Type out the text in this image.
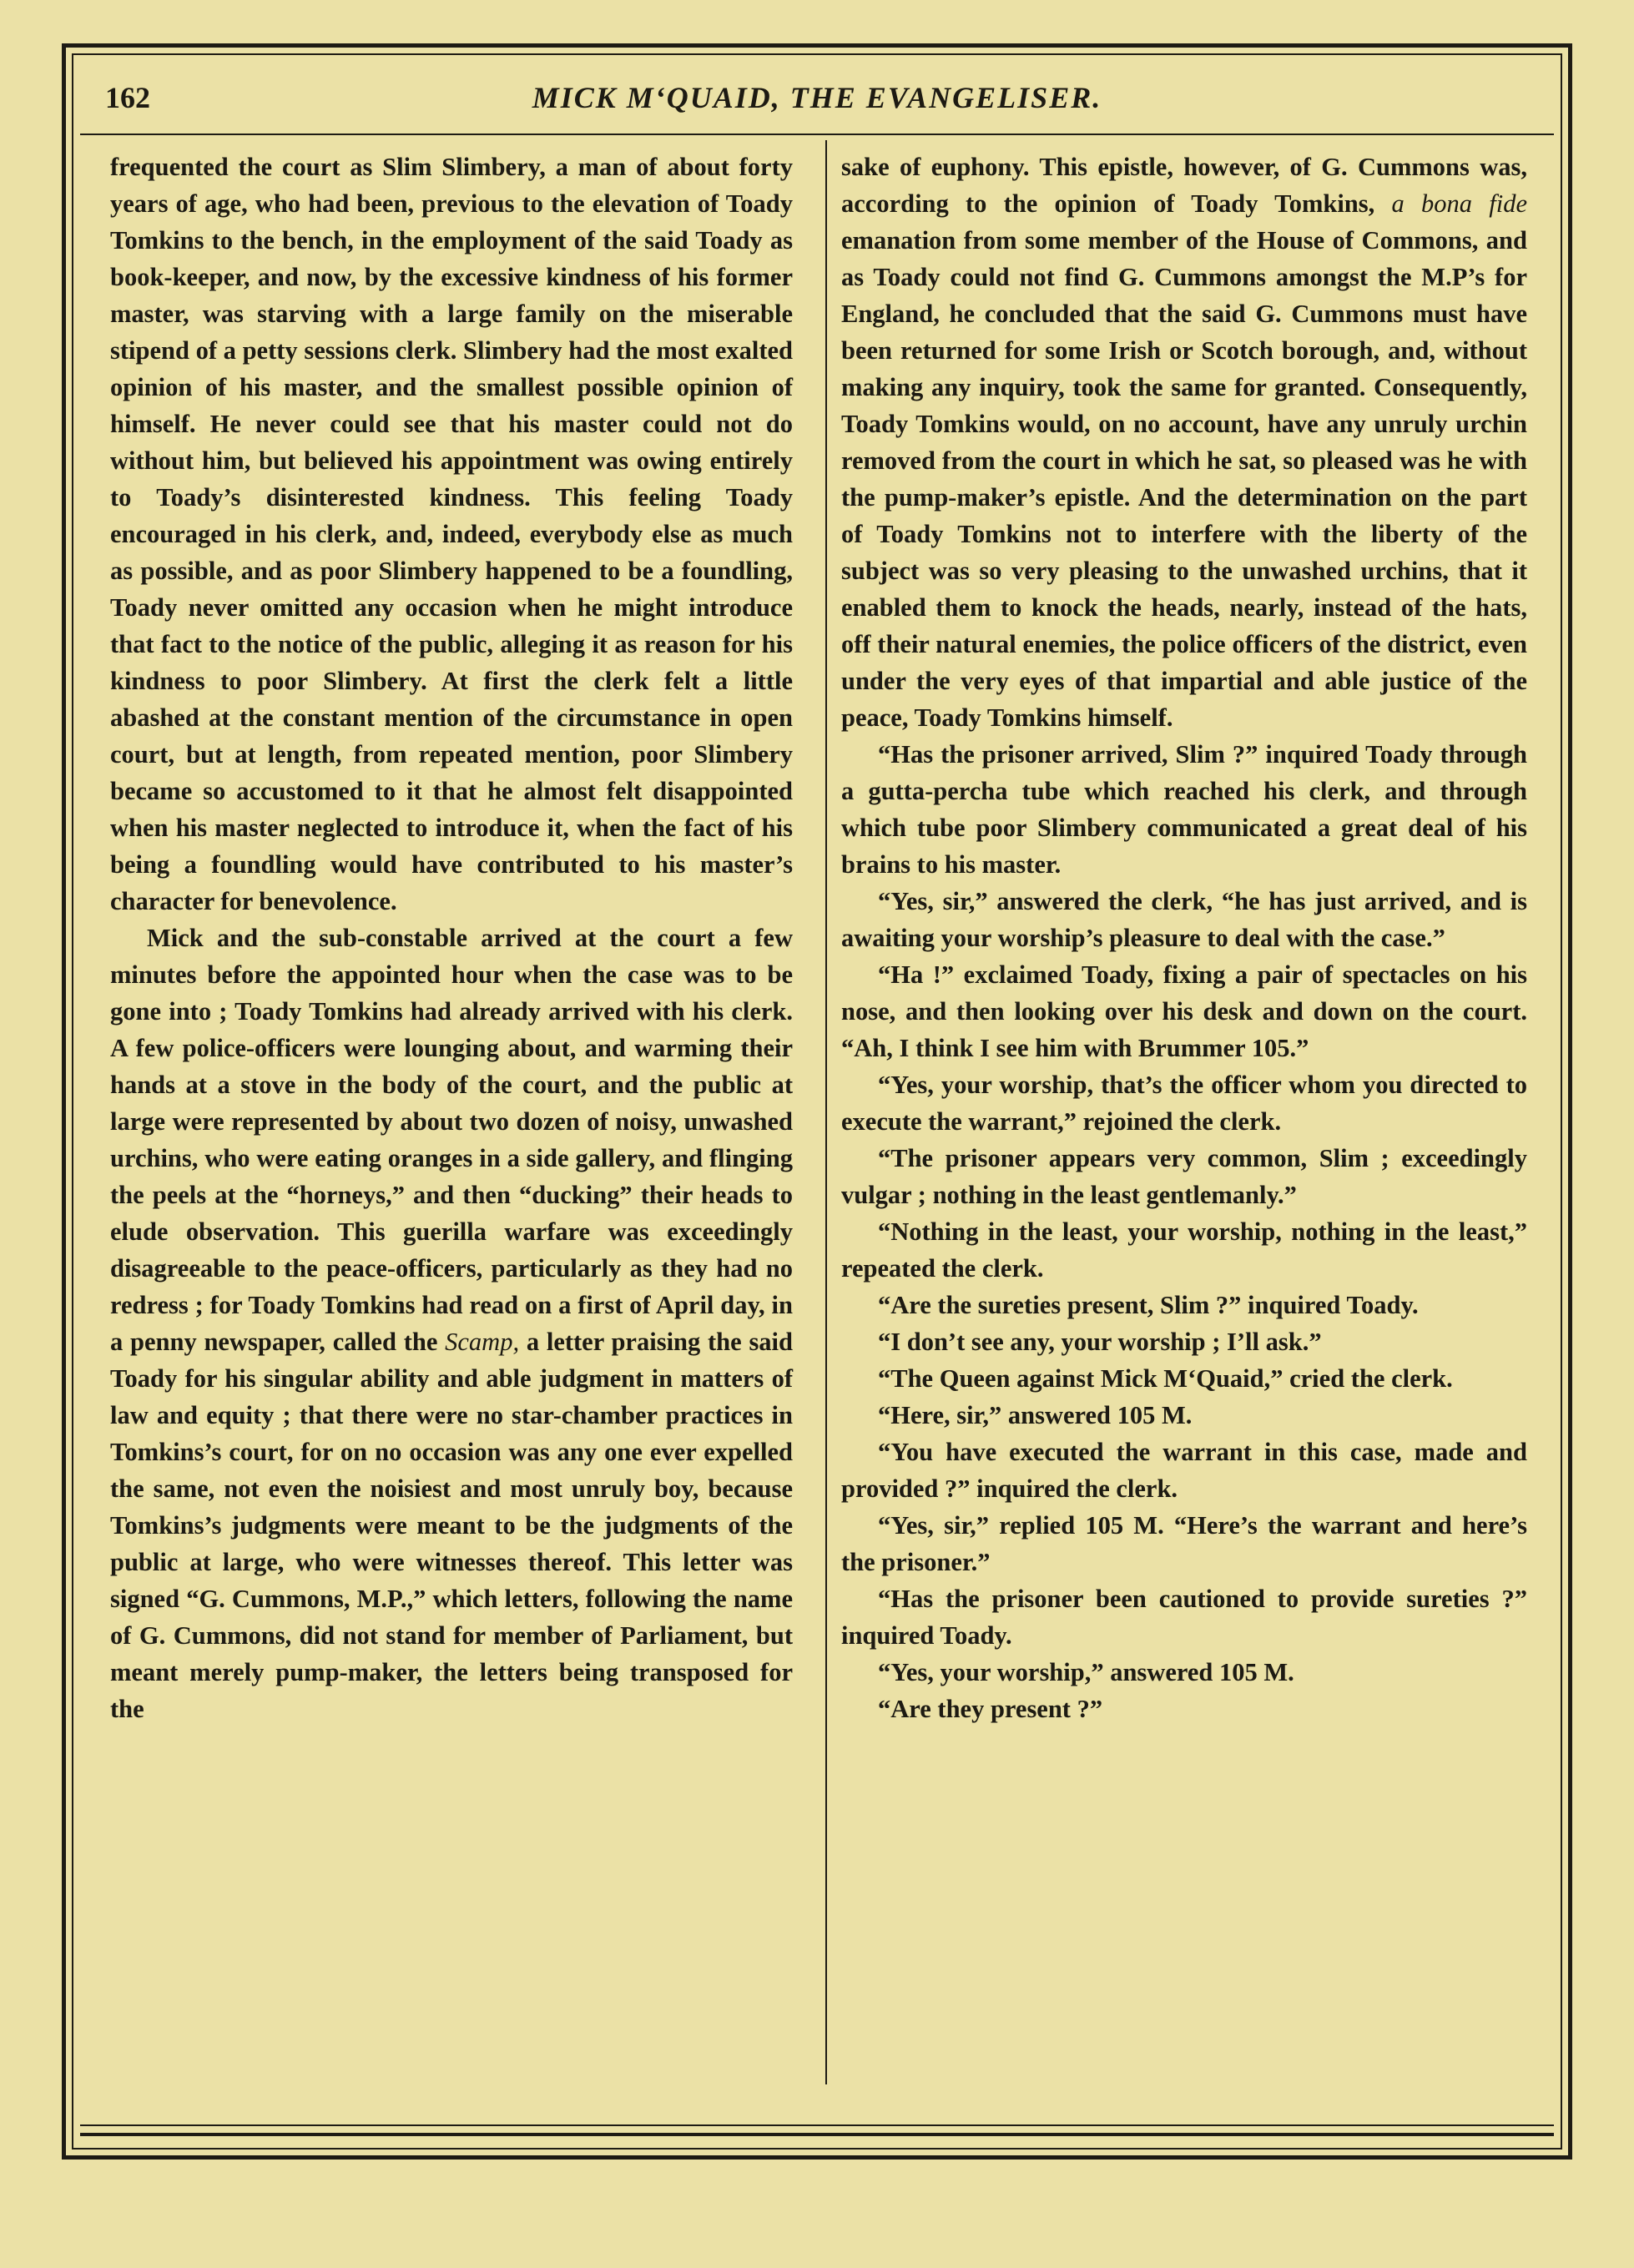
162	MICK M‘QUAID, THE EVANGELISER.

frequented the court as Slim Slimbery, a man of about forty years of age, who had been, previous to the elevation of Toady Tomkins to the bench, in the employment of the said Toady as book-keeper, and now, by the excessive kindness of his former master, was starving with a large family on the miserable stipend of a petty sessions clerk. Slimbery had the most exalted opinion of his master, and the smallest possible opinion of himself. He never could see that his master could not do without him, but believed his appointment was owing entirely to Toady’s disinterested kindness. This feeling Toady encouraged in his clerk, and, indeed, everybody else as much as possible, and as poor Slimbery happened to be a foundling, Toady never omitted any occasion when he might introduce that fact to the notice of the public, alleging it as reason for his kindness to poor Slimbery. At first the clerk felt a little abashed at the constant mention of the circumstance in open court, but at length, from repeated mention, poor Slimbery became so accustomed to it that he almost felt disappointed when his master neglected to introduce it, when the fact of his being a foundling would have contributed to his master’s character for benevolence.

Mick and the sub-constable arrived at the court a few minutes before the appointed hour when the case was to be gone into ; Toady Tomkins had already arrived with his clerk. A few police-officers were lounging about, and warming their hands at a stove in the body of the court, and the public at large were represented by about two dozen of noisy, unwashed urchins, who were eating oranges in a side gallery, and flinging the peels at the “horneys,” and then “ducking” their heads to elude observation. This guerilla warfare was exceedingly disagreeable to the peace-officers, particularly as they had no redress ; for Toady Tomkins had read on a first of April day, in a penny newspaper, called the Scamp, a letter praising the said Toady for his singular ability and able judgment in matters of law and equity ; that there were no star-chamber practices in Tomkins’s court, for on no occasion was any one ever expelled the same, not even the noisiest and most unruly boy, because Tomkins’s judgments were meant to be the judgments of the public at large, who were witnesses thereof. This letter was signed “G. Cummons, M.P.,” which letters, following the name of G. Cummons, did not stand for member of Parliament, but meant merely pump-maker, the letters being transposed for the

sake of euphony. This epistle, however, of G. Cummons was, according to the opinion of Toady Tomkins, a bona fide emanation from some member of the House of Commons, and as Toady could not find G. Cummons amongst the M.P’s for England, he concluded that the said G. Cummons must have been returned for some Irish or Scotch borough, and, without making any inquiry, took the same for granted. Consequently, Toady Tomkins would, on no account, have any unruly urchin removed from the court in which he sat, so pleased was he with the pump-maker’s epistle. And the determination on the part of Toady Tomkins not to interfere with the liberty of the subject was so very pleasing to the unwashed urchins, that it enabled them to knock the heads, nearly, instead of the hats, off their natural enemies, the police officers of the district, even under the very eyes of that impartial and able justice of the peace, Toady Tomkins himself.

“Has the prisoner arrived, Slim ?” inquired Toady through a gutta-percha tube which reached his clerk, and through which tube poor Slimbery communicated a great deal of his brains to his master.

“Yes, sir,” answered the clerk, “he has just arrived, and is awaiting your worship’s pleasure to deal with the case.”

“Ha !” exclaimed Toady, fixing a pair of spectacles on his nose, and then looking over his desk and down on the court. “Ah, I think I see him with Brummer 105.”

“Yes, your worship, that’s the officer whom you directed to execute the warrant,” rejoined the clerk.

“The prisoner appears very common, Slim ; exceedingly vulgar ; nothing in the least gentlemanly.”

“Nothing in the least, your worship, nothing in the least,” repeated the clerk.

“Are the sureties present, Slim ?” inquired Toady.

“I don’t see any, your worship ; I’ll ask.”

“The Queen against Mick M‘Quaid,” cried the clerk.

“Here, sir,” answered 105 M.

“You have executed the warrant in this case, made and provided ?” inquired the clerk.

“Yes, sir,” replied 105 M. “Here’s the warrant and here’s the prisoner.”

“Has the prisoner been cautioned to provide sureties ?” inquired Toady.

“Yes, your worship,” answered 105 M.

“Are they present ?”
